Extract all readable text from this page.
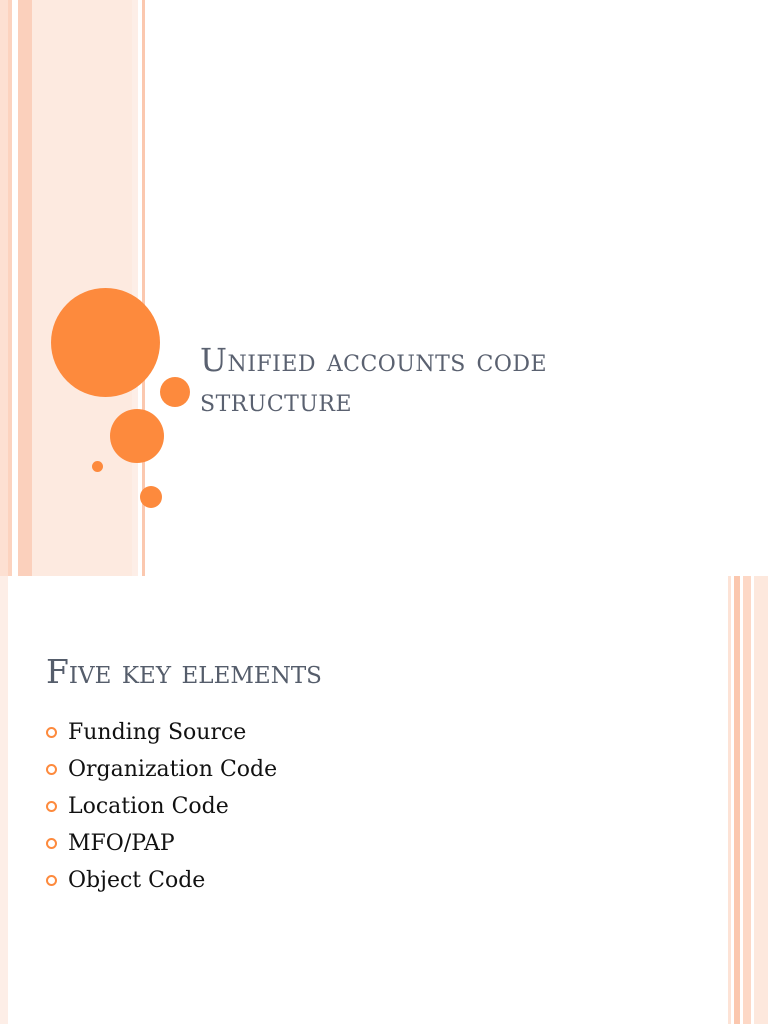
Unified accounts code
structure
Five key elements
Funding Source
Organization Code
Location Code
MFO/PAP
Object Code
